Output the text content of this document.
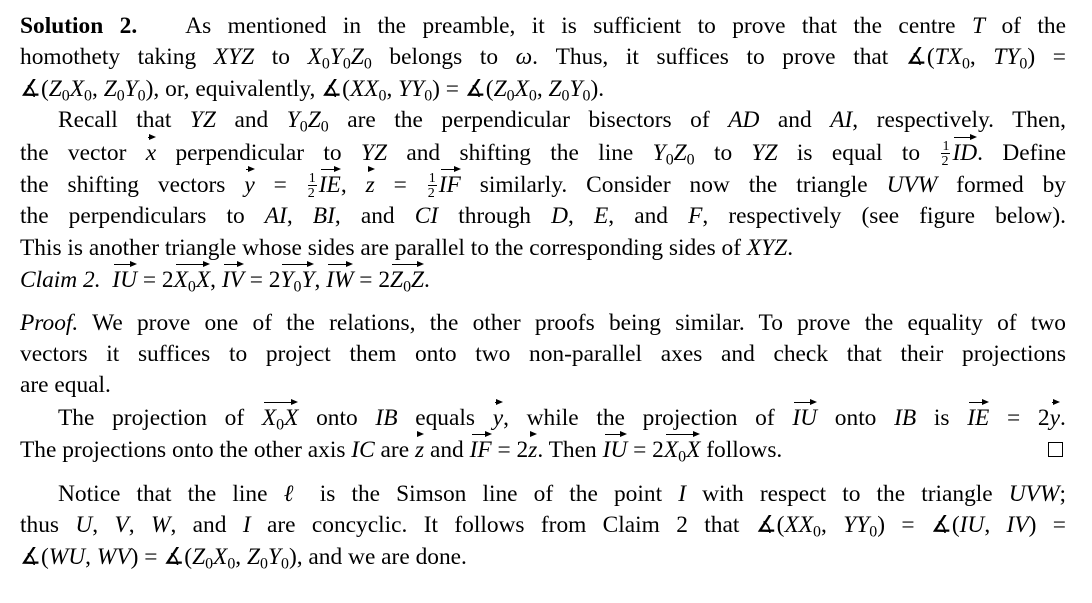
Solution 2. As mentioned in the preamble, it is sufficient to prove that the centre T of the
homothety taking XYZ to $X_0Y_0Z_0$ belongs to ω. Thus, it suffices to prove that $∡(TX_0$, $TY_0$) =
$∡(Z_0X_0$, $Z_0Y_0$), or, equivalently, $∡(XX_0$, $YY_0$) = $∡(Z_0X_0$, $Z_0Y_0$).
Recall that YZ and $Y_0Z_0$ are the perpendicular bisectors of AD and AI, respectively. Then,
the vector x perpendicular to YZ and shifting the line $Y_0Z_0$ to YZ is equal to $\frac{1}{2}$ ID. Define
the shifting vectors $y = \frac{1}{2}$ IE, $z = \frac{1}{2}$ IF similarly. Consider now the triangle UVW formed by
the perpendiculars to AI, BI, and CI through D, E, and F, respectively (see figure below).
This is another triangle whose sides are parallel to the corresponding sides of XYZ.
Claim 2. IU = $2X_0X$, IV = $2Y_0Y$, IW = $2Z_0Z$.
Proof. We prove one of the relations, the other proofs being similar. To prove the equality of two
vectors it suffices to project them onto two non-parallel axes and check that their projections
are equal.
The projection of $X_0X$ onto IB equals y, while the projection of IU onto IB is IE = 2y.
The projections onto the other axis IC are z and IF = 2z. Then IU = $2X_0X$ follows.
Notice that the line ℓ is the Simson line of the point I with respect to the triangle UVW;
thus U, V, W, and I are concyclic. It follows from Claim 2 that $∡(XX_0$, $YY_0$) = ∡(IU, IV) =
∡(WU, $WV) = ∡(Z_0X_0$, $Z_0Y_0$), and we are done.
